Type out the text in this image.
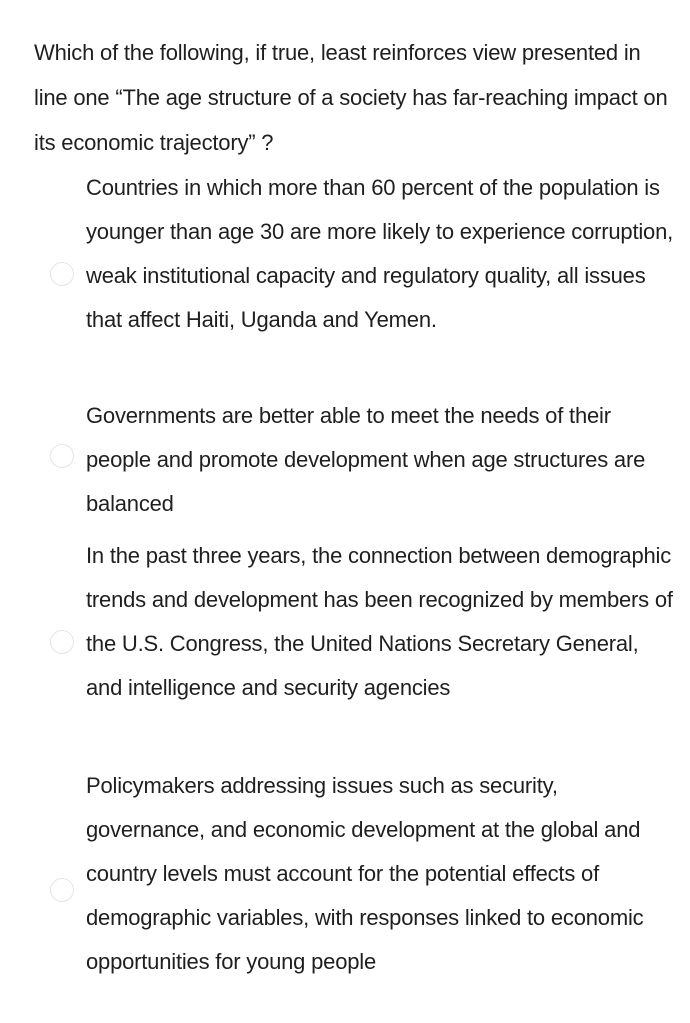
Which of the following, if true, least reinforces view presented in line one “The age structure of a society has far-reaching impact on its economic trajectory” ?

Countries in which more than 60 percent of the population is younger than age 30 are more likely to experience corruption, weak institutional capacity and regulatory quality, all issues that affect Haiti, Uganda and Yemen.

Governments are better able to meet the needs of their people and promote development when age structures are balanced

In the past three years, the connection between demographic trends and development has been recognized by members of the U.S. Congress, the United Nations Secretary General, and intelligence and security agencies

Policymakers addressing issues such as security, governance, and economic development at the global and country levels must account for the potential effects of demographic variables, with responses linked to economic opportunities for young people
